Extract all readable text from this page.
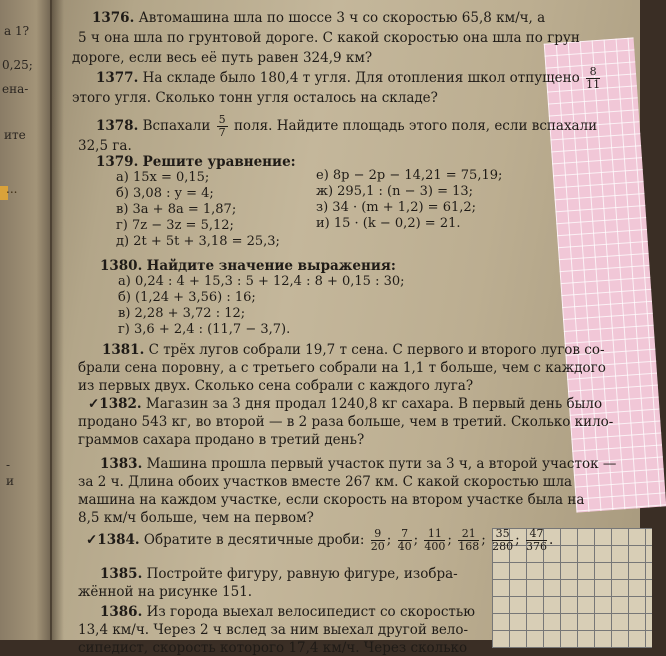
а 1?
0,25;
ена-
ите
...
-
и
1376. Автомашина шла по шоссе 3 ч со скоростью 65,8 км/ч, а
5 ч она шла по грунтовой дороге. С какой скоростью она шла по грун
дороге, если весь её путь равен 324,9 км?
1377. На складе было 180,4 т угля. Для отопления школ отпущено $\frac{8}{11}$
этого угля. Сколько тонн угля осталось на складе?
1378. Вспахали $\frac{5}{7}$ поля. Найдите площадь этого поля, если вспахали
32,5 га.
1379. Решите уравнение:
а) 15x = 0,15;
б) 3,08 : y = 4;
в) 3a + 8a = 1,87;
г) 7z − 3z = 5,12;
д) 2t + 5t + 3,18 = 25,3;
е) 8p − 2p − 14,21 = 75,19;
ж) 295,1 : (n − 3) = 13;
з) 34 · (m + 1,2) = 61,2;
и) 15 · (k − 0,2) = 21.
1380. Найдите значение выражения:
а) 0,24 : 4 + 15,3 : 5 + 12,4 : 8 + 0,15 : 30;
б) (1,24 + 3,56) : 16;
в) 2,28 + 3,72 : 12;
г) 3,6 + 2,4 : (11,7 − 3,7).
1381. С трёх лугов собрали 19,7 т сена. С первого и второго лугов со-
брали сена поровну, а с третьего собрали на 1,1 т больше, чем с каждого
из первых двух. Сколько сена собрали с каждого луга?
✓1382. Магазин за 3 дня продал 1240,8 кг сахара. В первый день было
продано 543 кг, во второй — в 2 раза больше, чем в третий. Сколько кило-
граммов сахара продано в третий день?
1383. Машина прошла первый участок пути за 3 ч, а второй участок —
за 2 ч. Длина обоих участков вместе 267 км. С какой скоростью шла
машина на каждом участке, если скорость на втором участке была на
8,5 км/ч больше, чем на первом?
✓1384. Обратите в десятичные дроби: $\frac{9}{20}$ ; $\frac{7}{40}$ ; $\frac{11}{400}$ ; $\frac{21}{168}$ ; $\frac{35}{280}$ ; $\frac{47}{376}$ .
1385. Постройте фигуру, равную фигуре, изобра-
жённой на рисунке 151.
1386. Из города выехал велосипедист со скоростью
13,4 км/ч. Через 2 ч вслед за ним выехал другой вело-
сипедист, скорость которого 17,4 км/ч. Через сколько
